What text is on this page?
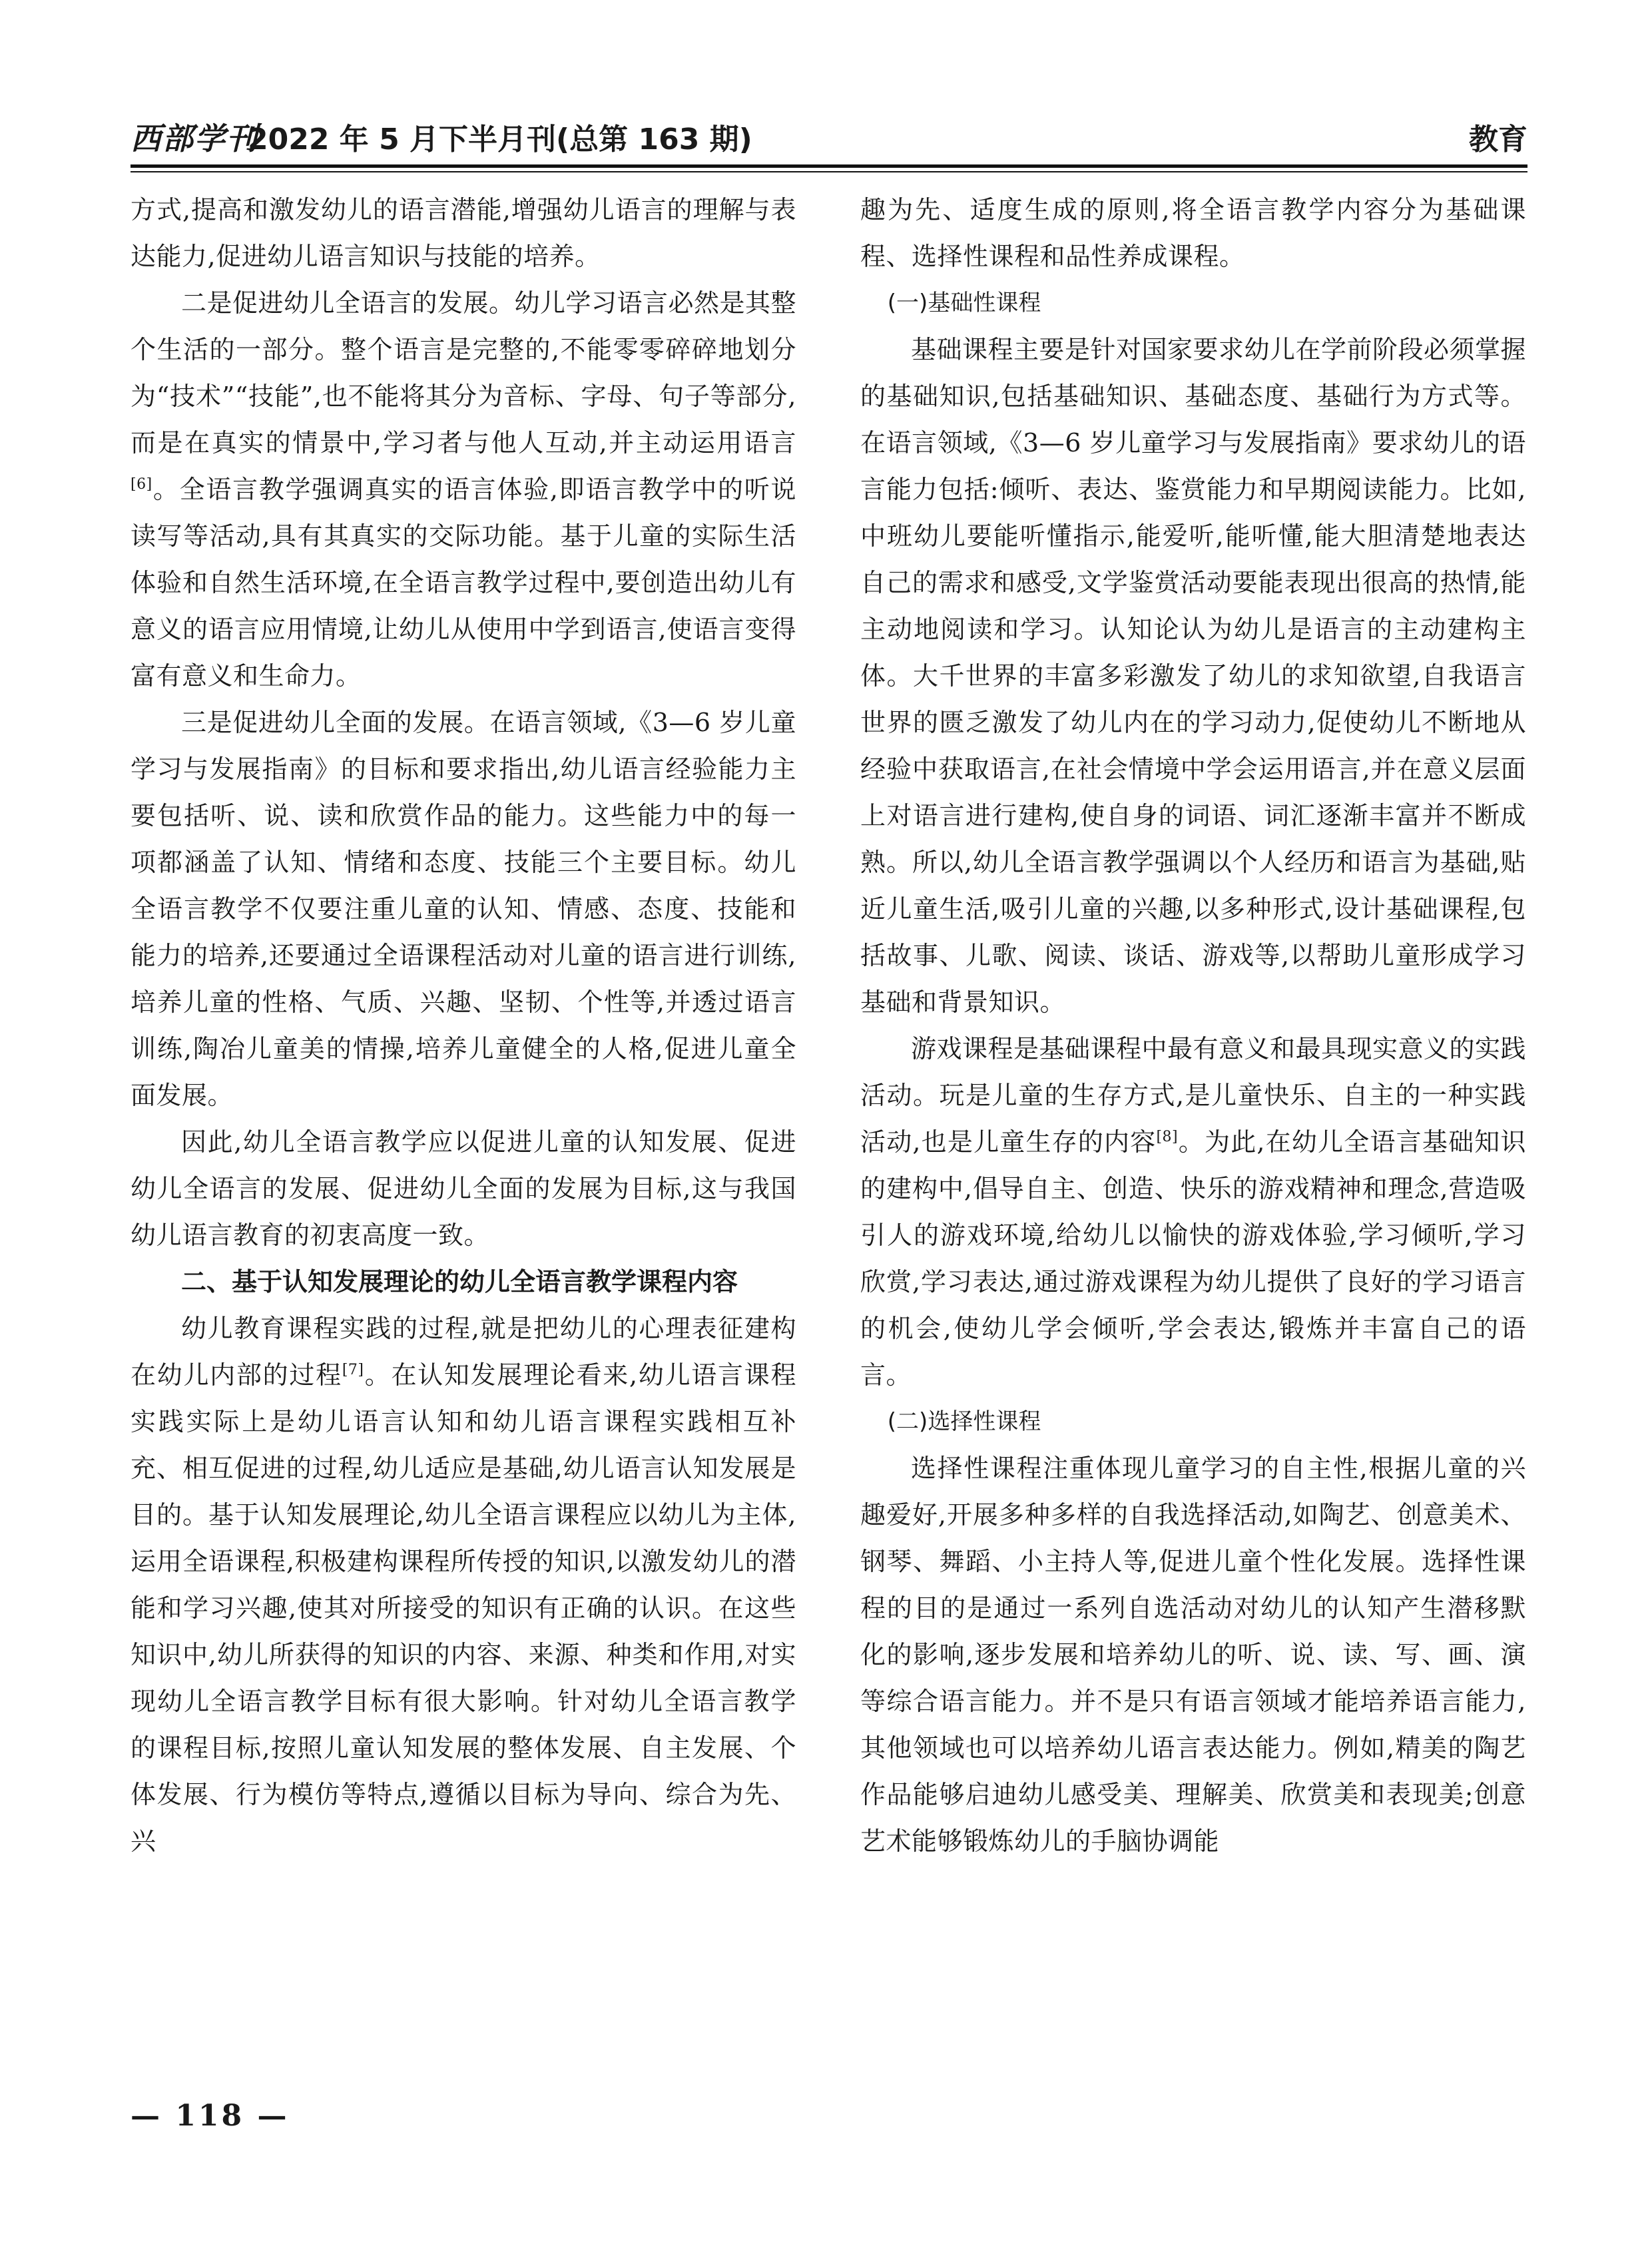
西部学刊
2022 年 5 月下半月刊(总第 163 期)	教育

方式,提高和激发幼儿的语言潜能,增强幼儿语言的理解与表达能力,促进幼儿语言知识与技能的培养。

二是促进幼儿全语言的发展。幼儿学习语言必然是其整个生活的一部分。整个语言是完整的,不能零零碎碎地划分为“技术”“技能”,也不能将其分为音标、字母、句子等部分,而是在真实的情景中,学习者与他人互动,并主动运用语言[6]。全语言教学强调真实的语言体验,即语言教学中的听说读写等活动,具有其真实的交际功能。基于儿童的实际生活体验和自然生活环境,在全语言教学过程中,要创造出幼儿有意义的语言应用情境,让幼儿从使用中学到语言,使语言变得富有意义和生命力。

三是促进幼儿全面的发展。在语言领域,《3—6 岁儿童学习与发展指南》的目标和要求指出,幼儿语言经验能力主要包括听、说、读和欣赏作品的能力。这些能力中的每一项都涵盖了认知、情绪和态度、技能三个主要目标。幼儿全语言教学不仅要注重儿童的认知、情感、态度、技能和能力的培养,还要通过全语课程活动对儿童的语言进行训练,培养儿童的性格、气质、兴趣、坚韧、个性等,并透过语言训练,陶冶儿童美的情操,培养儿童健全的人格,促进儿童全面发展。

因此,幼儿全语言教学应以促进儿童的认知发展、促进幼儿全语言的发展、促进幼儿全面的发展为目标,这与我国幼儿语言教育的初衷高度一致。

二、基于认知发展理论的幼儿全语言教学课程内容

幼儿教育课程实践的过程,就是把幼儿的心理表征建构在幼儿内部的过程[7]。在认知发展理论看来,幼儿语言课程实践实际上是幼儿语言认知和幼儿语言课程实践相互补充、相互促进的过程,幼儿适应是基础,幼儿语言认知发展是目的。基于认知发展理论,幼儿全语言课程应以幼儿为主体,运用全语课程,积极建构课程所传授的知识,以激发幼儿的潜能和学习兴趣,使其对所接受的知识有正确的认识。在这些知识中,幼儿所获得的知识的内容、来源、种类和作用,对实现幼儿全语言教学目标有很大影响。针对幼儿全语言教学的课程目标,按照儿童认知发展的整体发展、自主发展、个体发展、行为模仿等特点,遵循以目标为导向、综合为先、兴

趣为先、适度生成的原则,将全语言教学内容分为基础课程、选择性课程和品性养成课程。

(一)基础性课程

基础课程主要是针对国家要求幼儿在学前阶段必须掌握的基础知识,包括基础知识、基础态度、基础行为方式等。在语言领域,《3—6 岁儿童学习与发展指南》要求幼儿的语言能力包括:倾听、表达、鉴赏能力和早期阅读能力。比如,中班幼儿要能听懂指示,能爱听,能听懂,能大胆清楚地表达自己的需求和感受,文学鉴赏活动要能表现出很高的热情,能主动地阅读和学习。认知论认为幼儿是语言的主动建构主体。大千世界的丰富多彩激发了幼儿的求知欲望,自我语言世界的匮乏激发了幼儿内在的学习动力,促使幼儿不断地从经验中获取语言,在社会情境中学会运用语言,并在意义层面上对语言进行建构,使自身的词语、词汇逐渐丰富并不断成熟。所以,幼儿全语言教学强调以个人经历和语言为基础,贴近儿童生活,吸引儿童的兴趣,以多种形式,设计基础课程,包括故事、儿歌、阅读、谈话、游戏等,以帮助儿童形成学习基础和背景知识。

游戏课程是基础课程中最有意义和最具现实意义的实践活动。玩是儿童的生存方式,是儿童快乐、自主的一种实践活动,也是儿童生存的内容[8]。为此,在幼儿全语言基础知识的建构中,倡导自主、创造、快乐的游戏精神和理念,营造吸引人的游戏环境,给幼儿以愉快的游戏体验,学习倾听,学习欣赏,学习表达,通过游戏课程为幼儿提供了良好的学习语言的机会,使幼儿学会倾听,学会表达,锻炼并丰富自己的语言。

(二)选择性课程

选择性课程注重体现儿童学习的自主性,根据儿童的兴趣爱好,开展多种多样的自我选择活动,如陶艺、创意美术、钢琴、舞蹈、小主持人等,促进儿童个性化发展。选择性课程的目的是通过一系列自选活动对幼儿的认知产生潜移默化的影响,逐步发展和培养幼儿的听、说、读、写、画、演等综合语言能力。并不是只有语言领域才能培养语言能力,其他领域也可以培养幼儿语言表达能力。例如,精美的陶艺作品能够启迪幼儿感受美、理解美、欣赏美和表现美;创意艺术能够锻炼幼儿的手脑协调能

— 118 —
